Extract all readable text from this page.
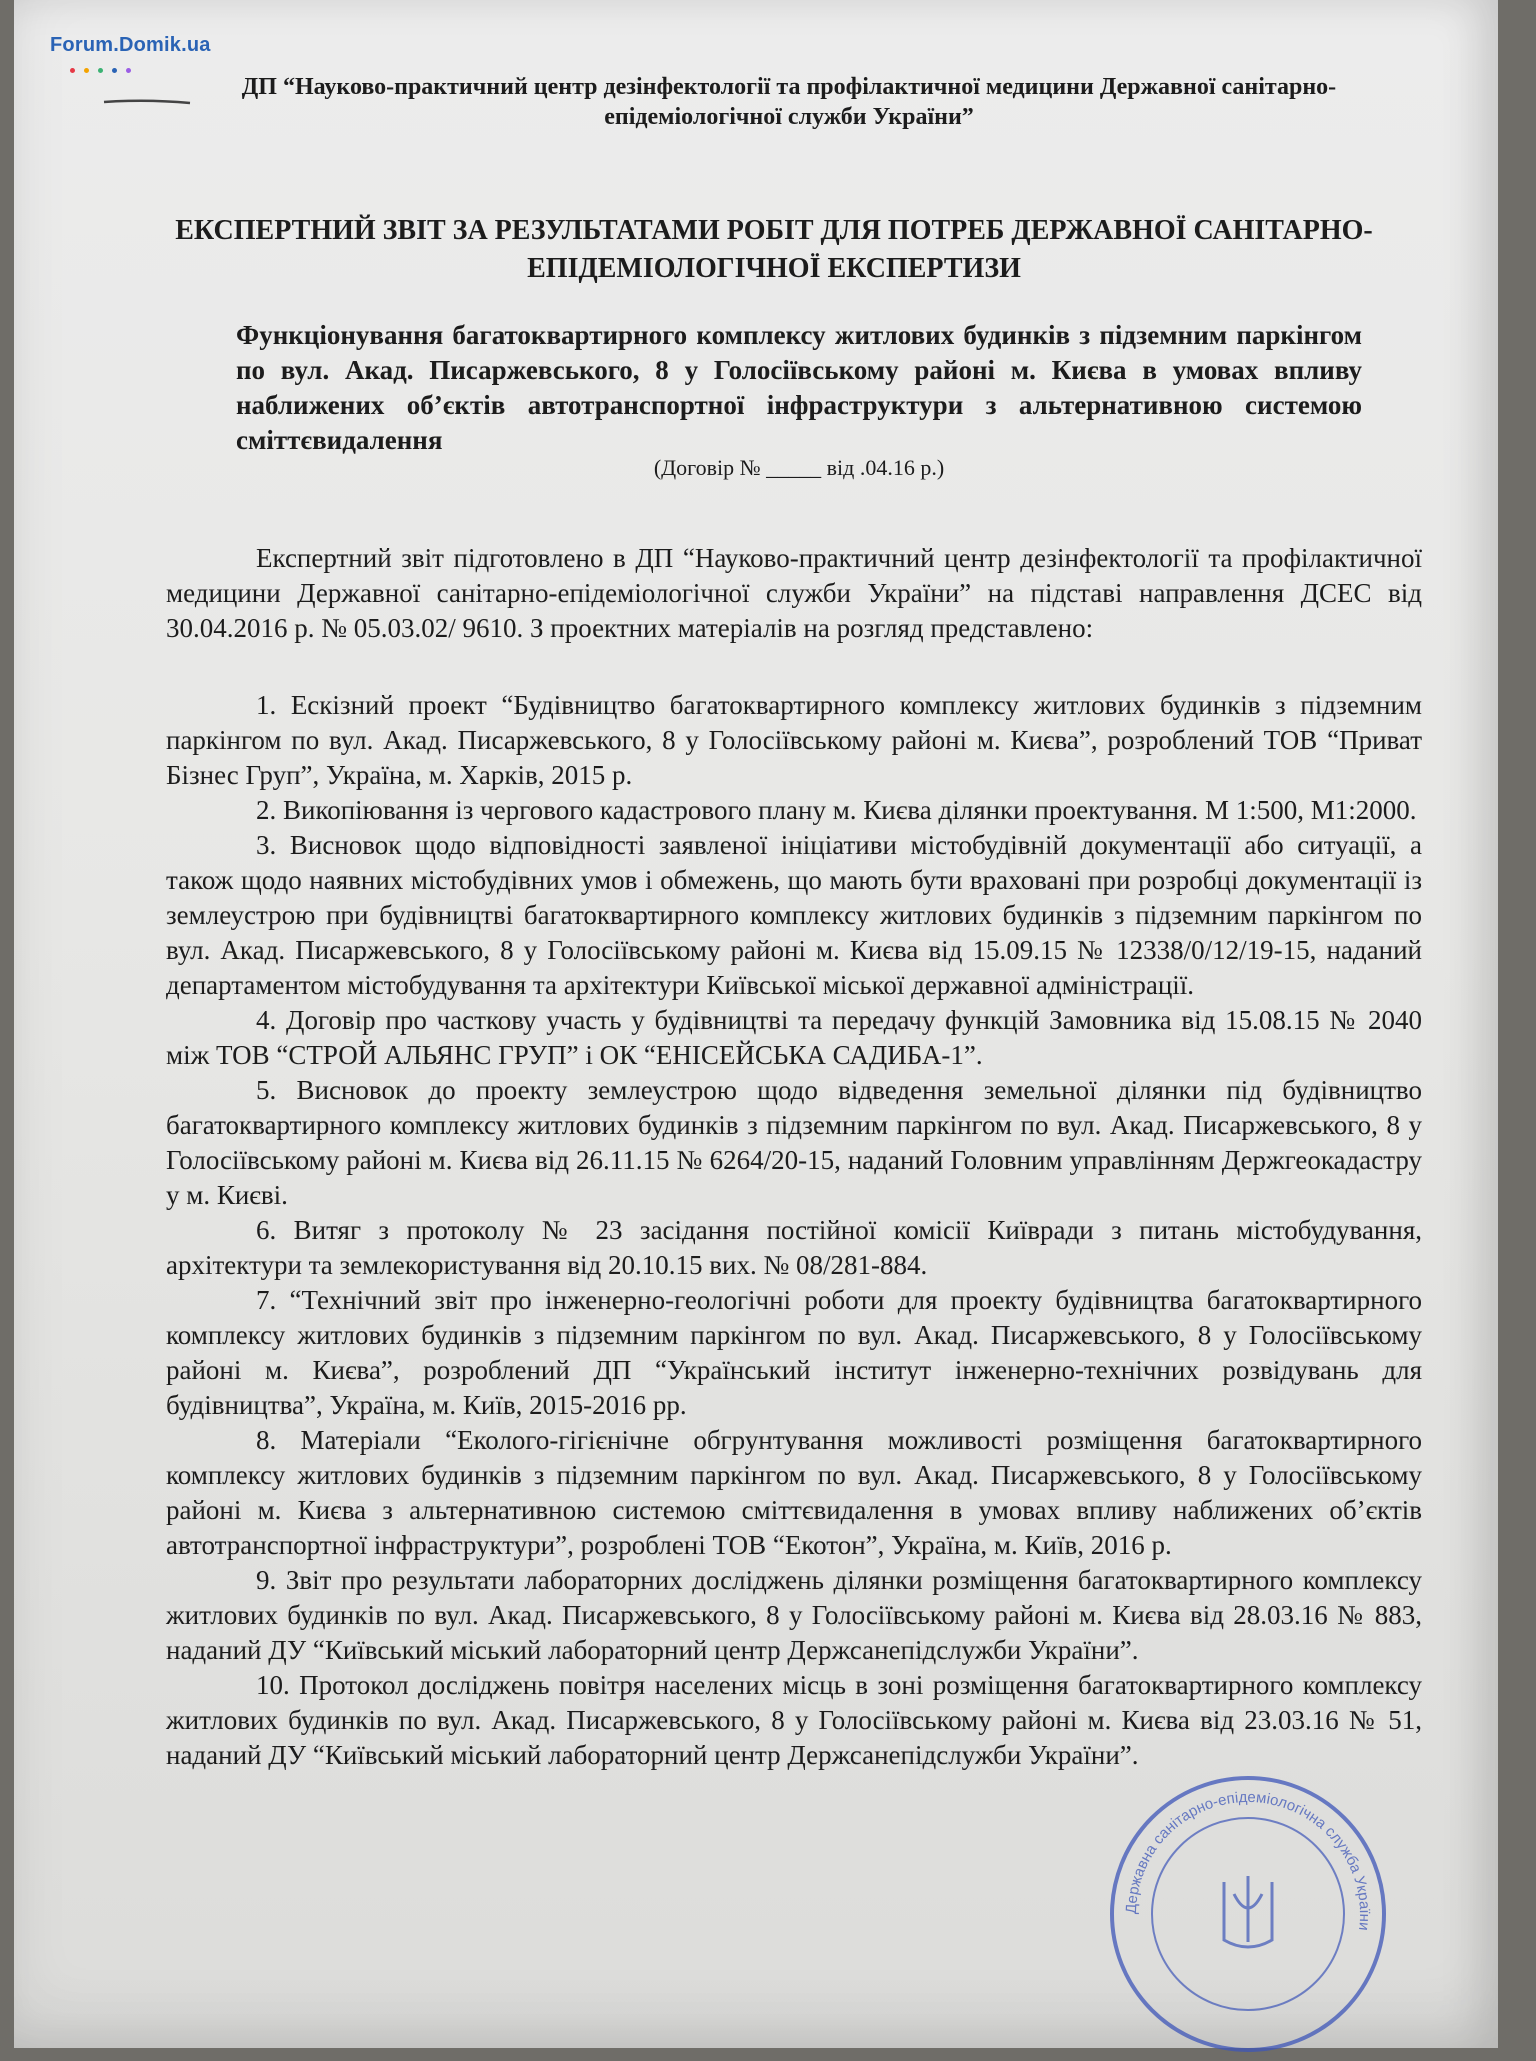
Forum.Domik.ua
ДП “Науково-практичний центр дезінфектології та профілактичної медицини Державної санітарно-епідеміологічної служби України”
ЕКСПЕРТНИЙ ЗВІТ ЗА РЕЗУЛЬТАТАМИ РОБІТ ДЛЯ ПОТРЕБ ДЕРЖАВНОЇ САНІТАРНО-ЕПІДЕМІОЛОГІЧНОЇ ЕКСПЕРТИЗИ
Функціонування багатоквартирного комплексу житлових будинків з підземним паркінгом по вул. Акад. Писаржевського, 8 у Голосіївському районі м. Києва в умовах впливу наближених об’єктів автотранспортної інфраструктури з альтернативною системою сміттєвидалення
(Договір № _____ від .04.16 р.)

Експертний звіт підготовлено в ДП “Науково-практичний центр дезінфектології та профілактичної медицини Державної санітарно-епідеміологічної служби України” на підставі направлення ДСЕС від 30.04.2016 р. № 05.03.02/ 9610. З проектних матеріалів на розгляд представлено:

1. Ескізний проект “Будівництво багатоквартирного комплексу житлових будинків з підземним паркінгом по вул. Акад. Писаржевського, 8 у Голосіївському районі м. Києва”, розроблений ТОВ “Приват Бізнес Груп”, Україна, м. Харків, 2015 р.

2. Викопіювання із чергового кадастрового плану м. Києва ділянки проектування. М 1:500, М1:2000.

3. Висновок щодо відповідності заявленої ініціативи містобудівній документації або ситуації, а також щодо наявних містобудівних умов і обмежень, що мають бути враховані при розробці документації із землеустрою при будівництві багатоквартирного комплексу житлових будинків з підземним паркінгом по вул. Акад. Писаржевського, 8 у Голосіївському районі м. Києва від 15.09.15 № 12338/0/12/19-15, наданий департаментом містобудування та архітектури Київської міської державної адміністрації.

4. Договір про часткову участь у будівництві та передачу функцій Замовника від 15.08.15 № 2040 між ТОВ “СТРОЙ АЛЬЯНС ГРУП” і ОК “ЕНІСЕЙСЬКА САДИБА-1”.

5. Висновок до проекту землеустрою щодо відведення земельної ділянки під будівництво багатоквартирного комплексу житлових будинків з підземним паркінгом по вул. Акад. Писаржевського, 8 у Голосіївському районі м. Києва від 26.11.15 № 6264/20-15, наданий Головним управлінням Держгеокадастру у м. Києві.

6. Витяг з протоколу № 23 засідання постійної комісії Київради з питань містобудування, архітектури та землекористування від 20.10.15 вих. № 08/281-884.

7. “Технічний звіт про інженерно-геологічні роботи для проекту будівництва багатоквартирного комплексу житлових будинків з підземним паркінгом по вул. Акад. Писаржевського, 8 у Голосіївському районі м. Києва”, розроблений ДП “Український інститут інженерно-технічних розвідувань для будівництва”, Україна, м. Київ, 2015-2016 рр.

8. Матеріали “Еколого-гігієнічне обгрунтування можливості розміщення багатоквартирного комплексу житлових будинків з підземним паркінгом по вул. Акад. Писаржевського, 8 у Голосіївському районі м. Києва з альтернативною системою сміттєвидалення в умовах впливу наближених об’єктів автотранспортної інфраструктури”, розроблені ТОВ “Екотон”, Україна, м. Київ, 2016 р.

9. Звіт про результати лабораторних досліджень ділянки розміщення багатоквартирного комплексу житлових будинків по вул. Акад. Писаржевського, 8 у Голосіївському районі м. Києва від 28.03.16 № 883, наданий ДУ “Київський міський лабораторний центр Держсанепідслужби України”.

10. Протокол досліджень повітря населених місць в зоні розміщення багатоквартирного комплексу житлових будинків по вул. Акад. Писаржевського, 8 у Голосіївському районі м. Києва від 23.03.16 № 51, наданий ДУ “Київський міський лабораторний центр Держсанепідслужби України”.

Державна санітарно-епідеміологічна служба України
